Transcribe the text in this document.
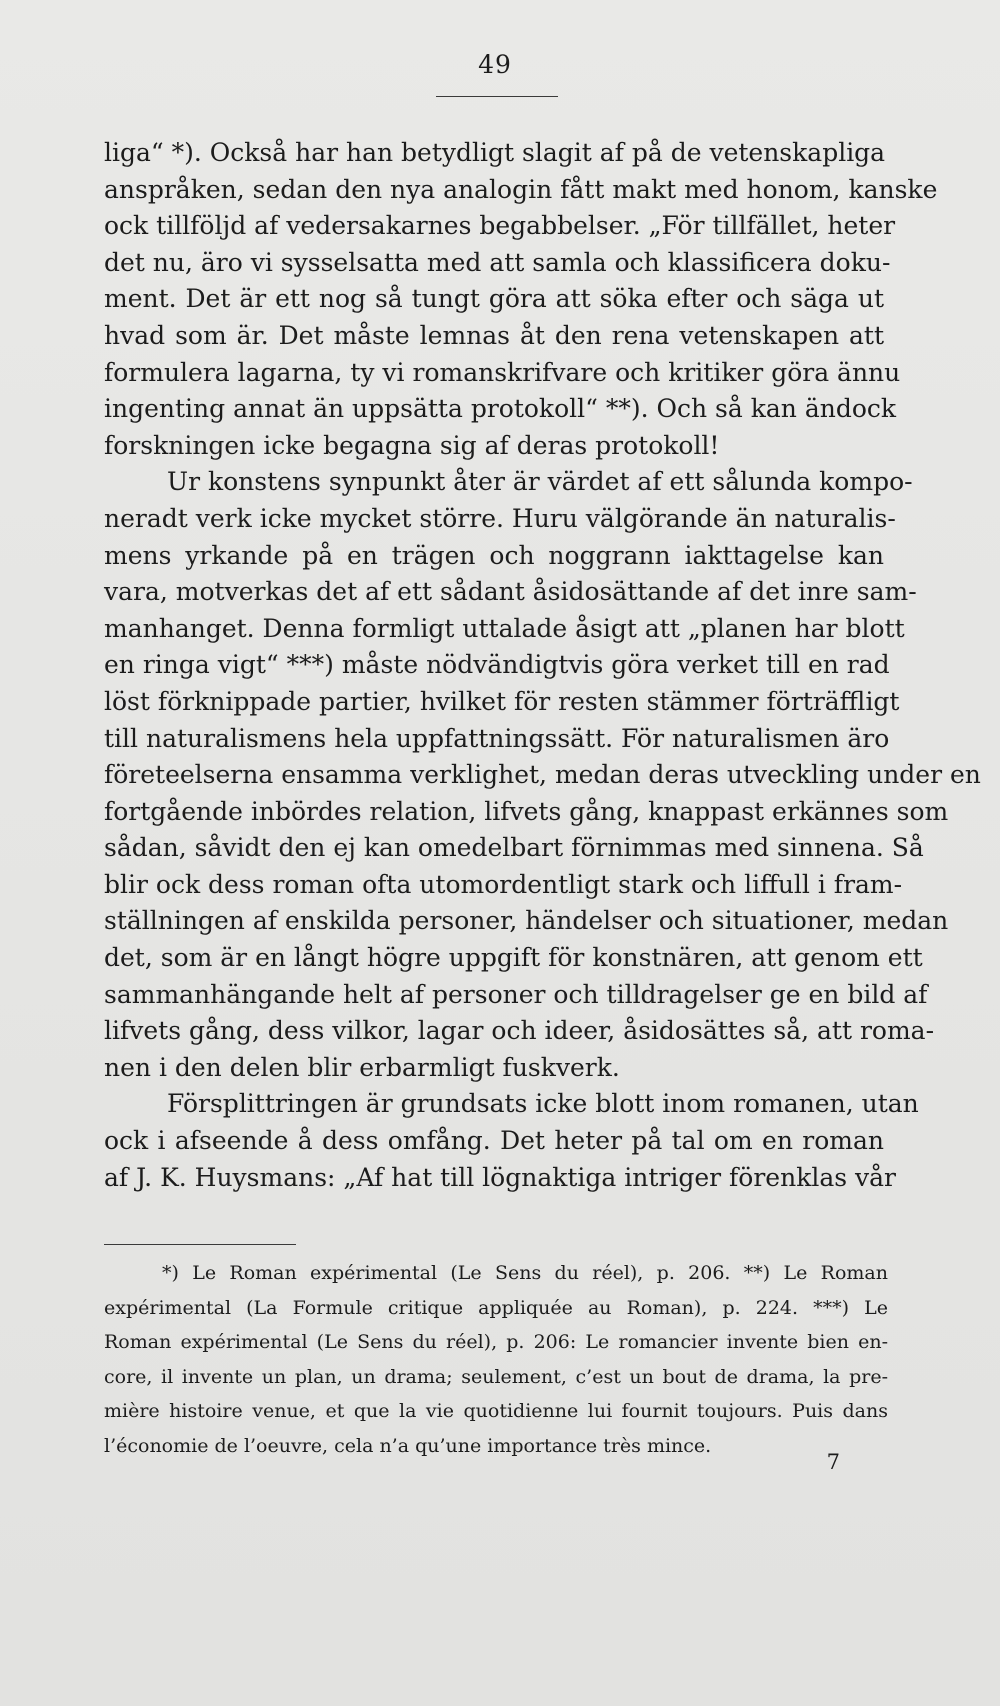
49
liga“ *). Också har han betydligt slagit af på de vetenskapliga
anspråken, sedan den nya analogin fått makt med honom, kanske
ock tillföljd af vedersakarnes begabbelser. „För tillfället, heter
det nu, äro vi sysselsatta med att samla och klassificera doku-
ment. Det är ett nog så tungt göra att söka efter och säga ut
hvad som är. Det måste lemnas åt den rena vetenskapen att
formulera lagarna, ty vi romanskrifvare och kritiker göra ännu
ingenting annat än uppsätta protokoll“ **). Och så kan ändock
forskningen icke begagna sig af deras protokoll!
Ur konstens synpunkt åter är värdet af ett sålunda kompo-
neradt verk icke mycket större. Huru välgörande än naturalis-
mens yrkande på en trägen och noggrann iakttagelse kan
vara, motverkas det af ett sådant åsidosättande af det inre sam-
manhanget. Denna formligt uttalade åsigt att „planen har blott
en ringa vigt“ ***) måste nödvändigtvis göra verket till en rad
löst förknippade partier, hvilket för resten stämmer förträffligt
till naturalismens hela uppfattningssätt. För naturalismen äro
företeelserna ensamma verklighet, medan deras utveckling under en
fortgående inbördes relation, lifvets gång, knappast erkännes som
sådan, såvidt den ej kan omedelbart förnimmas med sinnena. Så
blir ock dess roman ofta utomordentligt stark och liffull i fram-
ställningen af enskilda personer, händelser och situationer, medan
det, som är en långt högre uppgift för konstnären, att genom ett
sammanhängande helt af personer och tilldragelser ge en bild af
lifvets gång, dess vilkor, lagar och ideer, åsidosättes så, att roma-
nen i den delen blir erbarmligt fuskverk.
Försplittringen är grundsats icke blott inom romanen, utan
ock i afseende å dess omfång. Det heter på tal om en roman
af J. K. Huysmans: „Af hat till lögnaktiga intriger förenklas vår
*) Le Roman expérimental (Le Sens du réel), p. 206. **) Le Roman
expérimental (La Formule critique appliquée au Roman), p. 224. ***) Le
Roman expérimental (Le Sens du réel), p. 206: Le romancier invente bien en-
core, il invente un plan, un drama; seulement, c’est un bout de drama, la pre-
mière histoire venue, et que la vie quotidienne lui fournit toujours. Puis dans
l’économie de l’oeuvre, cela n’a qu’une importance très mince.
7
